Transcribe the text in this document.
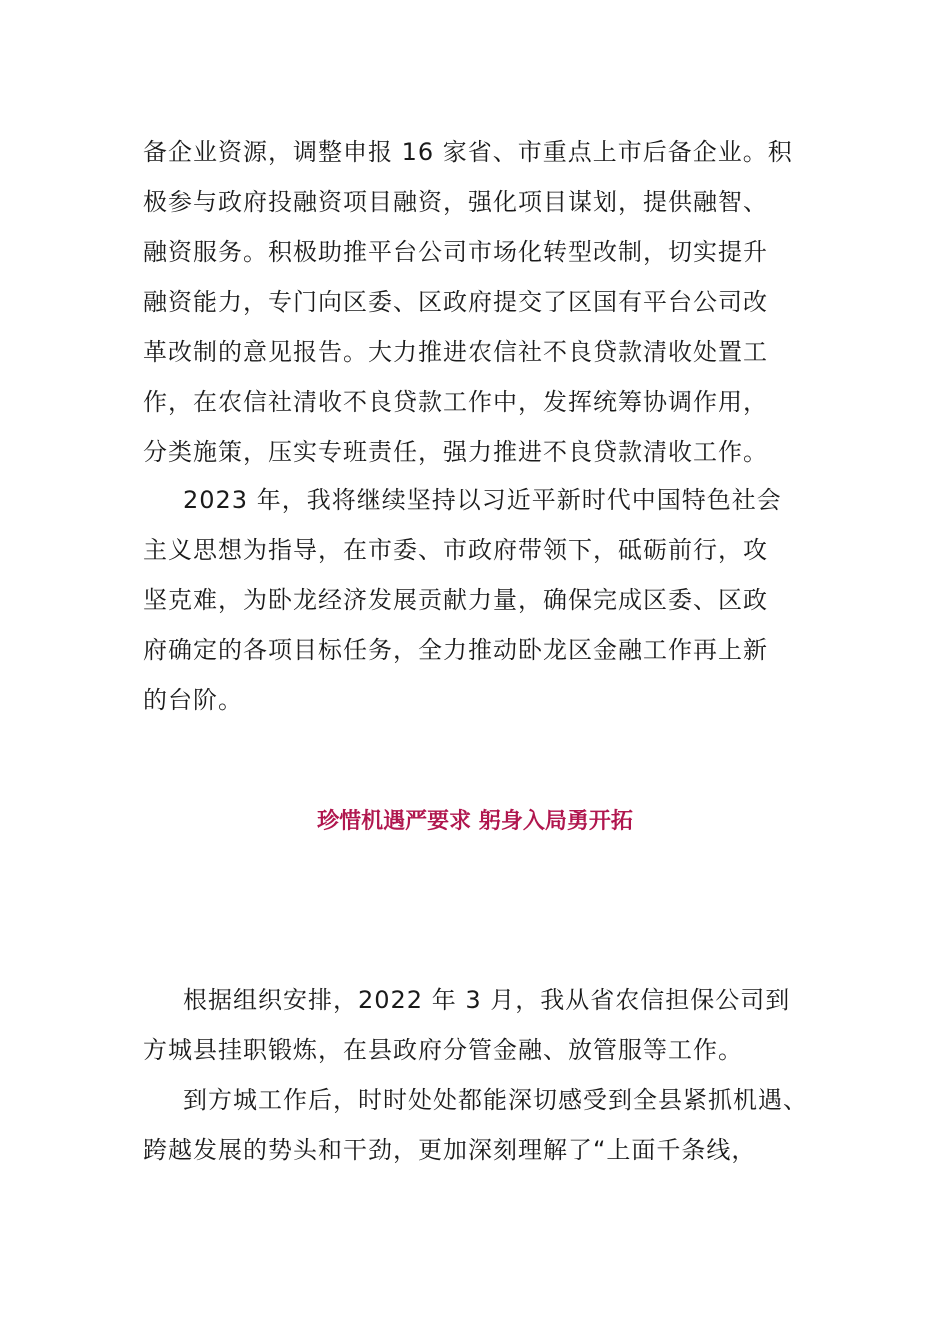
备企业资源，调整申报 16 家省、市重点上市后备企业。积
极参与政府投融资项目融资，强化项目谋划，提供融智、
融资服务。积极助推平台公司市场化转型改制，切实提升
融资能力，专门向区委、区政府提交了区国有平台公司改
革改制的意见报告。大力推进农信社不良贷款清收处置工
作，在农信社清收不良贷款工作中，发挥统筹协调作用，
分类施策，压实专班责任，强力推进不良贷款清收工作。
2023 年，我将继续坚持以习近平新时代中国特色社会
主义思想为指导，在市委、市政府带领下，砥砺前行，攻
坚克难，为卧龙经济发展贡献力量，确保完成区委、区政
府确定的各项目标任务，全力推动卧龙区金融工作再上新
的台阶。
珍惜机遇严要求 躬身入局勇开拓
根据组织安排，2022 年 3 月，我从省农信担保公司到
方城县挂职锻炼，在县政府分管金融、放管服等工作。
到方城工作后，时时处处都能深切感受到全县紧抓机遇、
跨越发展的势头和干劲，更加深刻理解了“上面千条线，
